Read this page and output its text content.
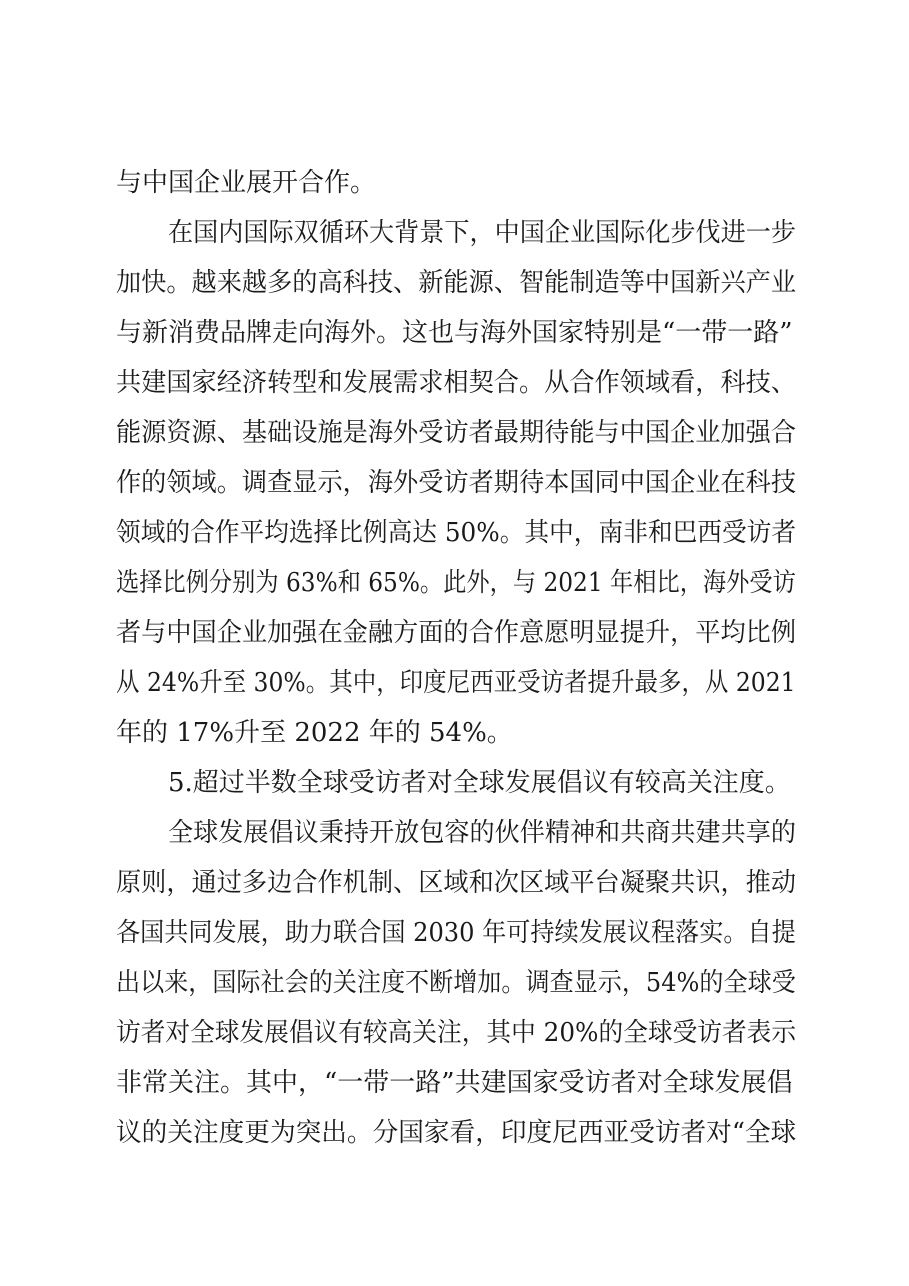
与中国企业展开合作。
在国内国际双循环大背景下，中国企业国际化步伐进一步
加快。越来越多的高科技、新能源、智能制造等中国新兴产业
与新消费品牌走向海外。这也与海外国家特别是“一带一路”
共建国家经济转型和发展需求相契合。从合作领域看，科技、
能源资源、基础设施是海外受访者最期待能与中国企业加强合
作的领域。调查显示，海外受访者期待本国同中国企业在科技
领域的合作平均选择比例高达 50%。其中，南非和巴西受访者
选择比例分别为 63%和 65%。此外，与 2021 年相比，海外受访
者与中国企业加强在金融方面的合作意愿明显提升，平均比例
从 24%升至 30%。其中，印度尼西亚受访者提升最多，从 2021
年的 17%升至 2022 年的 54%。
5.超过半数全球受访者对全球发展倡议有较高关注度。
全球发展倡议秉持开放包容的伙伴精神和共商共建共享的
原则，通过多边合作机制、区域和次区域平台凝聚共识，推动
各国共同发展，助力联合国 2030 年可持续发展议程落实。自提
出以来，国际社会的关注度不断增加。调查显示，54%的全球受
访者对全球发展倡议有较高关注，其中 20%的全球受访者表示
非常关注。其中，“一带一路”共建国家受访者对全球发展倡
议的关注度更为突出。分国家看，印度尼西亚受访者对“全球
